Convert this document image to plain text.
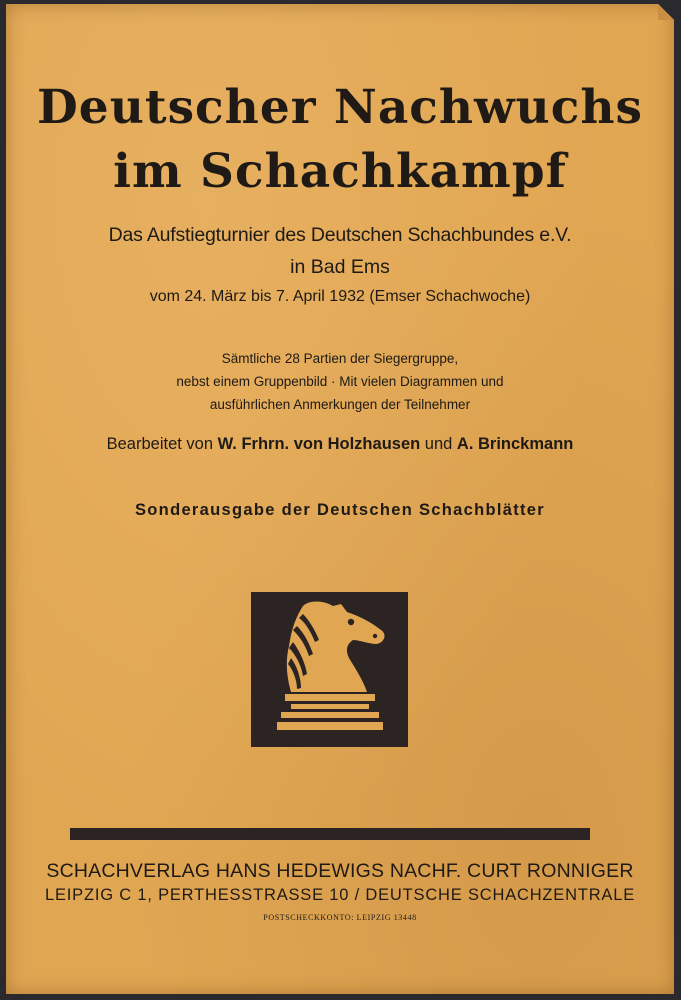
Deutscher Nachwuchs
im Schachkampf
Das Aufstiegturnier des Deutschen Schachbundes e.V.
in Bad Ems
vom 24. März bis 7. April 1932 (Emser Schachwoche)
Sämtliche 28 Partien der Siegergruppe,
nebst einem Gruppenbild · Mit vielen Diagrammen und
ausführlichen Anmerkungen der Teilnehmer
Bearbeitet von W. Frhrn. von Holzhausen und A. Brinckmann
Sonderausgabe der Deutschen Schachblätter
SCHACHVERLAG HANS HEDEWIGS NACHF. CURT RONNIGER
LEIPZIG C 1, PERTHESSTRASSE 10 / DEUTSCHE SCHACHZENTRALE
POSTSCHECKKONTO: LEIPZIG 13448
